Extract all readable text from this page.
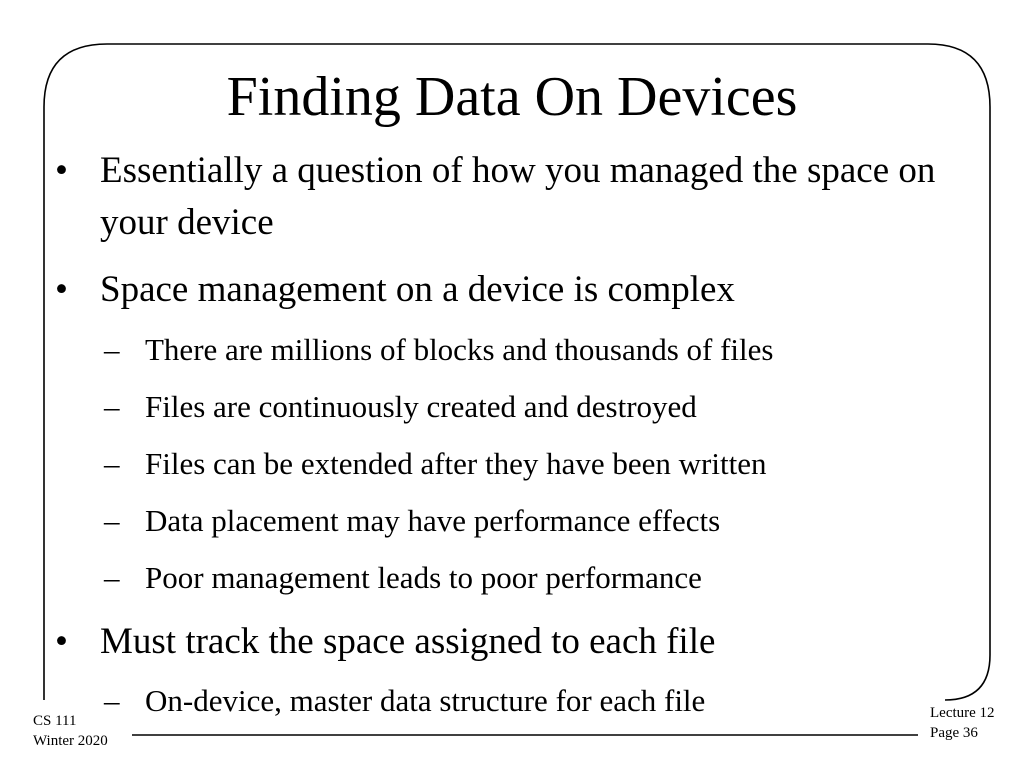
Finding Data On Devices
• Essentially a question of how you managed the space on your device
• Space management on a device is complex
– There are millions of blocks and thousands of files
– Files are continuously created and destroyed
– Files can be extended after they have been written
– Data placement may have performance effects
– Poor management leads to poor performance
• Must track the space assigned to each file
– On-device, master data structure for each file
CS 111
Winter 2020
Lecture 12
Page 36
